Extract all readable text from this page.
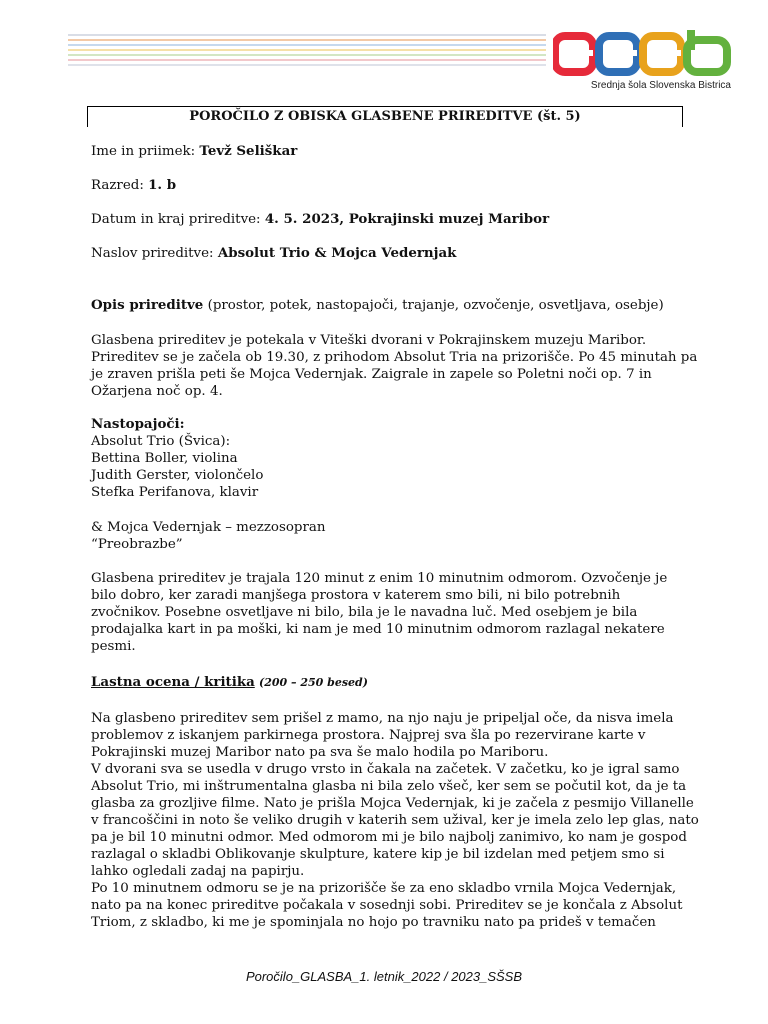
Srednja šola Slovenska Bistrica
POROČILO Z OBISKA GLASBENE PRIREDITVE (št. 5)
Ime in priimek: Tevž Seliškar
Razred: 1. b
Datum in kraj prireditve: 4. 5. 2023, Pokrajinski muzej Maribor
Naslov prireditve: Absolut Trio & Mojca Vedernjak
Opis prireditve (prostor, potek, nastopajoči, trajanje, ozvočenje, osvetljava, osebje)
Glasbena prireditev je potekala v Viteški dvorani v Pokrajinskem muzeju Maribor.
Prireditev se je začela ob 19.30, z prihodom Absolut Tria na prizorišče. Po 45 minutah pa
je zraven prišla peti še Mojca Vedernjak. Zaigrale in zapele so Poletni noči op. 7 in
Ožarjena noč op. 4.
Nastopajoči:
Absolut Trio (Švica):
Bettina Boller, violina
Judith Gerster, violončelo
Stefka Perifanova, klavir
& Mojca Vedernjak – mezzosopran
“Preobrazbe”
Glasbena prireditev je trajala 120 minut z enim 10 minutnim odmorom. Ozvočenje je
bilo dobro, ker zaradi manjšega prostora v katerem smo bili, ni bilo potrebnih
zvočnikov. Posebne osvetljave ni bilo, bila je le navadna luč. Med osebjem je bila
prodajalka kart in pa moški, ki nam je med 10 minutnim odmorom razlagal nekatere
pesmi.
Lastna ocena / kritika (200 – 250 besed)
Na glasbeno prireditev sem prišel z mamo, na njo naju je pripeljal oče, da nisva imela
problemov z iskanjem parkirnega prostora. Najprej sva šla po rezervirane karte v
Pokrajinski muzej Maribor nato pa sva še malo hodila po Mariboru.
V dvorani sva se usedla v drugo vrsto in čakala na začetek. V začetku, ko je igral samo
Absolut Trio, mi inštrumentalna glasba ni bila zelo všeč, ker sem se počutil kot, da je ta
glasba za grozljive filme. Nato je prišla Mojca Vedernjak, ki je začela z pesmijo Villanelle
v francoščini in noto še veliko drugih v katerih sem užival, ker je imela zelo lep glas, nato
pa je bil 10 minutni odmor. Med odmorom mi je bilo najbolj zanimivo, ko nam je gospod
razlagal o skladbi Oblikovanje skulpture, katere kip je bil izdelan med petjem smo si
lahko ogledali zadaj na papirju.
Po 10 minutnem odmoru se je na prizorišče še za eno skladbo vrnila Mojca Vedernjak,
nato pa na konec prireditve počakala v sosednji sobi. Prireditev se je končala z Absolut
Triom, z skladbo, ki me je spominjala no hojo po travniku nato pa prideš v temačen
Poročilo_GLASBA_1. letnik_2022 / 2023_SŠSB
